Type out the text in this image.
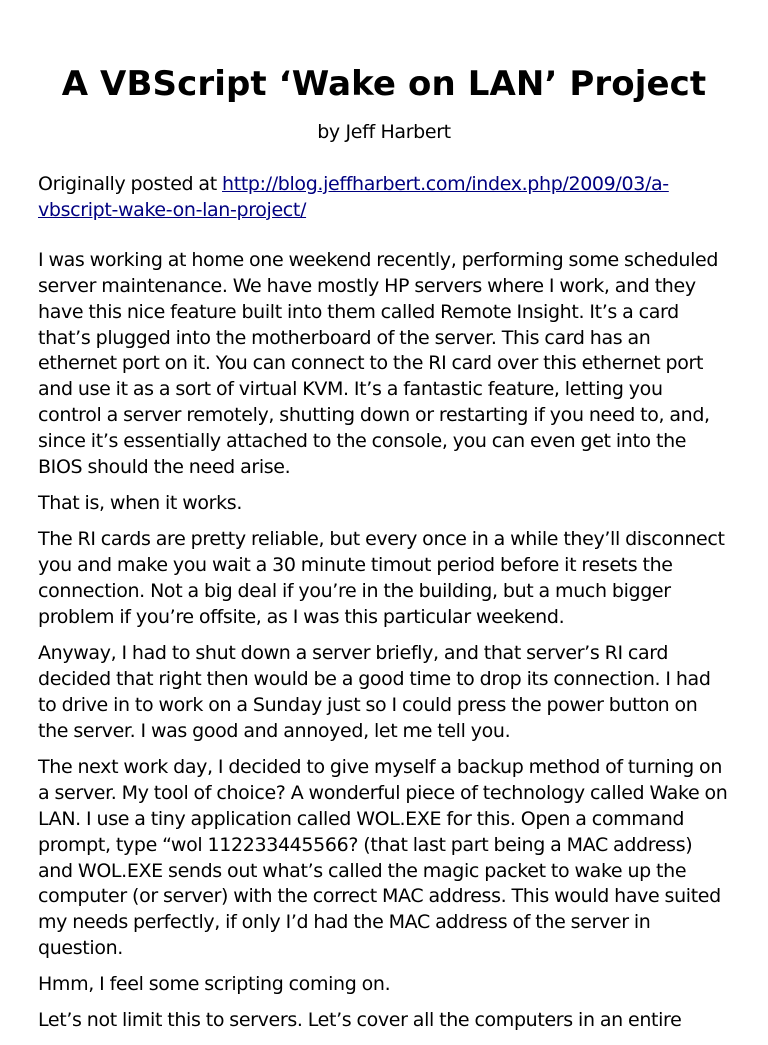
A VBScript ‘Wake on LAN’ Project
by Jeff Harbert
Originally posted at http://blog.jeffharbert.com/index.php/2009/03/a-vbscript-wake-on-lan-project/

I was working at home one weekend recently, performing some scheduled server maintenance. We have mostly HP servers where I work, and they have this nice feature built into them called Remote Insight. It’s a card that’s plugged into the motherboard of the server. This card has an ethernet port on it. You can connect to the RI card over this ethernet port and use it as a sort of virtual KVM. It’s a fantastic feature, letting you control a server remotely, shutting down or restarting if you need to, and, since it’s essentially attached to the console, you can even get into the BIOS should the need arise.

That is, when it works.

The RI cards are pretty reliable, but every once in a while they’ll disconnect you and make you wait a 30 minute timout period before it resets the connection. Not a big deal if you’re in the building, but a much bigger problem if you’re offsite, as I was this particular weekend.

Anyway, I had to shut down a server briefly, and that server’s RI card decided that right then would be a good time to drop its connection. I had to drive in to work on a Sunday just so I could press the power button on the server. I was good and annoyed, let me tell you.

The next work day, I decided to give myself a backup method of turning on a server. My tool of choice? A wonderful piece of technology called Wake on LAN. I use a tiny application called WOL.EXE for this. Open a command prompt, type “wol 112233445566? (that last part being a MAC address) and WOL.EXE sends out what’s called the magic packet to wake up the computer (or server) with the correct MAC address. This would have suited my needs perfectly, if only I’d had the MAC address of the server in question.

Hmm, I feel some scripting coming on.

Let’s not limit this to servers. Let’s cover all the computers in an entire
